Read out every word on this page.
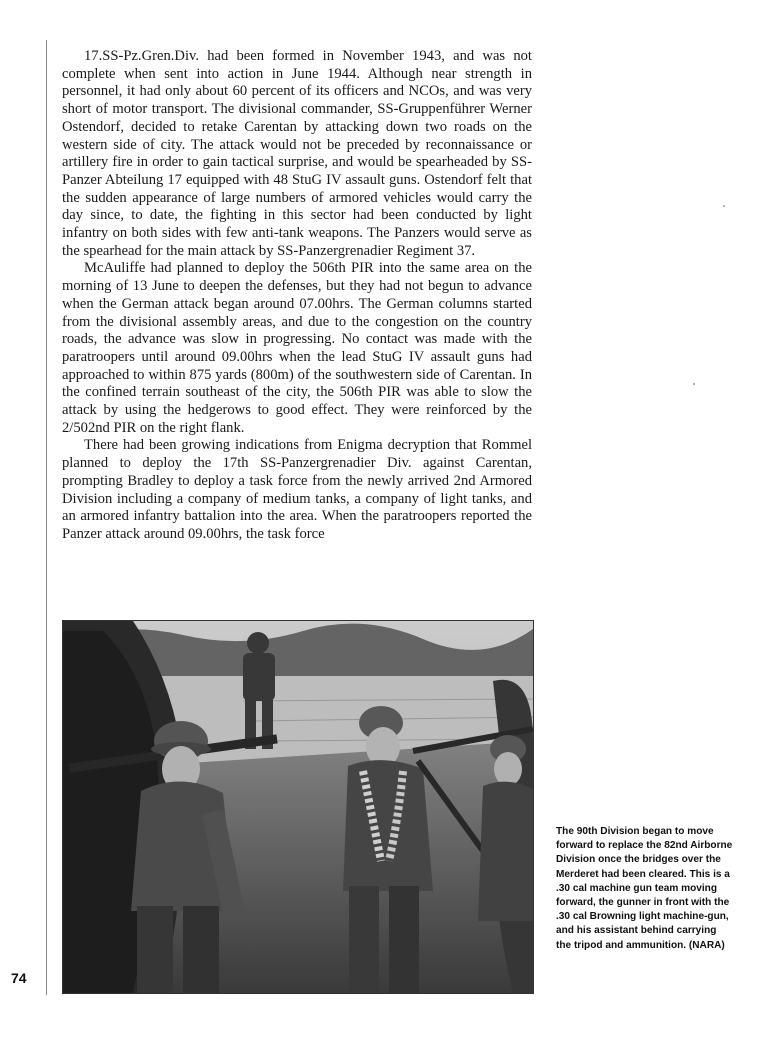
17.SS-Pz.Gren.Div. had been formed in November 1943, and was not complete when sent into action in June 1944. Although near strength in personnel, it had only about 60 percent of its officers and NCOs, and was very short of motor transport. The divisional commander, SS-Gruppenführer Werner Ostendorf, decided to retake Carentan by attacking down two roads on the western side of city. The attack would not be preceded by reconnaissance or artillery fire in order to gain tactical surprise, and would be spearheaded by SS-Panzer Abteilung 17 equipped with 48 StuG IV assault guns. Ostendorf felt that the sudden appearance of large numbers of armored vehicles would carry the day since, to date, the fighting in this sector had been conducted by light infantry on both sides with few anti-tank weapons. The Panzers would serve as the spearhead for the main attack by SS-Panzergrenadier Regiment 37.

McAuliffe had planned to deploy the 506th PIR into the same area on the morning of 13 June to deepen the defenses, but they had not begun to advance when the German attack began around 07.00hrs. The German columns started from the divisional assembly areas, and due to the congestion on the country roads, the advance was slow in progressing. No contact was made with the paratroopers until around 09.00hrs when the lead StuG IV assault guns had approached to within 875 yards (800m) of the southwestern side of Carentan. In the confined terrain southeast of the city, the 506th PIR was able to slow the attack by using the hedgerows to good effect. They were reinforced by the 2/502nd PIR on the right flank.

There had been growing indications from Enigma decryption that Rommel planned to deploy the 17th SS-Panzergrenadier Div. against Carentan, prompting Bradley to deploy a task force from the newly arrived 2nd Armored Division including a company of medium tanks, a company of light tanks, and an armored infantry battalion into the area. When the paratroopers reported the Panzer attack around 09.00hrs, the task force

The 90th Division began to move forward to replace the 82nd Airborne Division once the bridges over the Merderet had been cleared. This is a .30 cal machine gun team moving forward, the gunner in front with the .30 cal Browning light machine-gun, and his assistant behind carrying the tripod and ammunition. (NARA)

74
